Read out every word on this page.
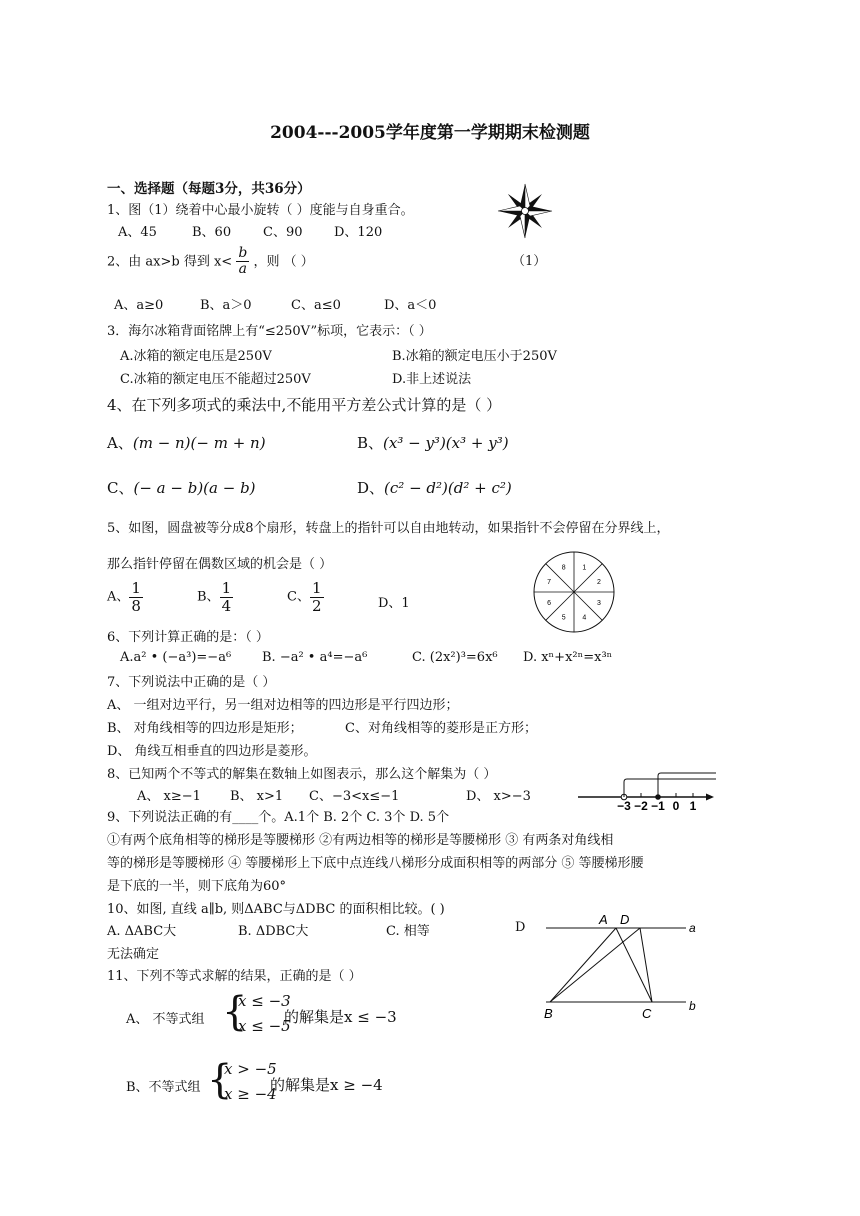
2004---2005学年度第一学期期末检测题
一、选择题（每题3分，共36分）
1、图（1）绕着中心最小旋转（ ）度能与自身重合。
A、45	B、60 C、90 D、120
（1）
2、由 ax>b 得到 $x< \frac{b}{a}$ ，则 （ ）
A、a≥0	B、a＞0	C、a≤0	D、a＜0
3．海尔冰箱背面铭牌上有“≤250V”标项，它表示：（ ）
A.冰箱的额定电压是250V	B.冰箱的额定电压小于250V
C.冰箱的额定电压不能超过250V	D.非上述说法
4、在下列多项式的乘法中,不能用平方差公式计算的是（ ）
A、(m − n)(− m + n)	B、(x³ − y³)(x³ + y³)
C、(− a − b)(a − b)	D、(c² − d²)(d² + c²)
5、如图，圆盘被等分成8个扇形，转盘上的指针可以自由地转动，如果指针不会停留在分界线上，
那么指针停留在偶数区域的机会是（ ）
A、 $\frac{1}{8}$	B、 $\frac{1}{4}$	C、 $\frac{1}{2}$	D、1
1
2
3
4
5
6
7
8
6、下列计算正确的是：（ ）
A.a² • (−a³)=−a⁶ B. −a² • a⁴=−a⁶	C. (2x²)³=6x⁶ D. xⁿ+x²ⁿ=x³ⁿ
7、下列说法中正确的是（ ）
A、 一组对边平行，另一组对边相等的四边形是平行四边形；
B、 对角线相等的四边形是矩形；	C、对角线相等的菱形是正方形；
D、 角线互相垂直的四边形是菱形。
8、已知两个不等式的解集在数轴上如图表示，那么这个解集为（ ）
A、 x≥−1 B、 x>1 C、−3<x≤−1	D、 x>−3
−3 −2 −1 0 1
9、下列说法正确的有____个。A.1个 B. 2个 C. 3个 D. 5个
①有两个底角相等的梯形是等腰梯形 ②有两边相等的梯形是等腰梯形 ③ 有两条对角线相
等的梯形是等腰梯形 ④ 等腰梯形上下底中点连线八梯形分成面积相等的两部分 ⑤ 等腰梯形腰
是下底的一半，则下底角为60°
10、如图, 直线 a∥b, 则ΔABC与ΔDBC 的面积相比较。( )
A. ΔABC大	B. ΔDBC大	C. 相等	D
无法确定
A D
a
B	C	b
11、下列不等式求解的结果，正确的是（ ）
A、 不等式组 {
x ≤ −3
x ≤ −5
的解集是x ≤ −3
B、不等式组 {
x > −5
x ≥ −4
的解集是x ≥ −4
